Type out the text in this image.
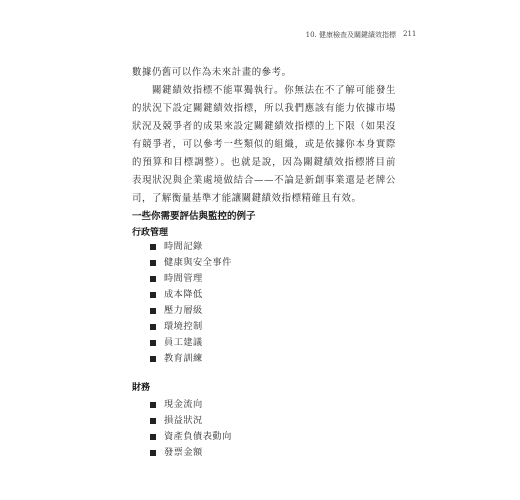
10. 健康檢查及關鍵績效指標 211

數據仍舊可以作為未來計畫的參考。

關鍵績效指標不能單獨執行。你無法在不了解可能發生的狀況下設定關鍵績效指標，所以我們應該有能力依據市場狀況及競爭者的成果來設定關鍵績效指標的上下限（如果沒有競爭者，可以參考一些類似的組織，或是依據你本身實際的預算和目標調整）。也就是說，因為關鍵績效指標將目前表現狀況與企業處境做結合——不論是新創事業還是老牌公司，了解衡量基準才能讓關鍵績效指標精確且有效。

一些你需要評估與監控的例子
行政管理
時間記錄
健康與安全事件
時間管理
成本降低
壓力層級
環境控制
員工建議
教育訓練
財務
現金流向
損益狀況
資產負債表動向
發票金額
